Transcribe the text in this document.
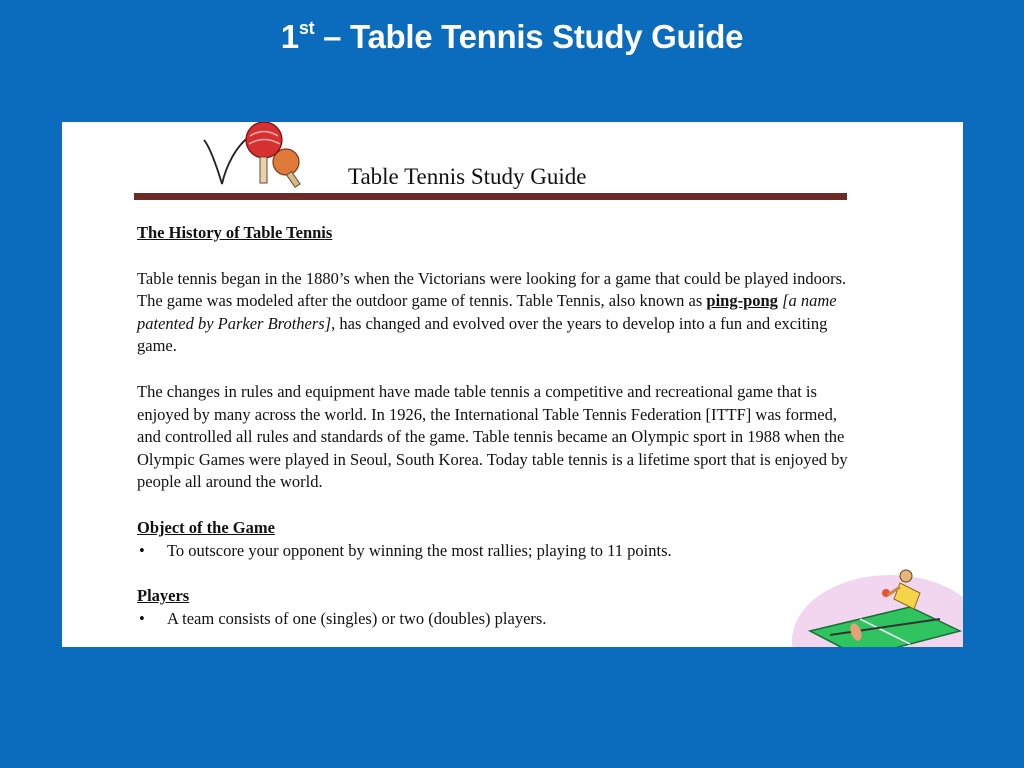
1st – Table Tennis Study Guide
Table Tennis Study Guide

The History of Table Tennis

Table tennis began in the 1880’s when the Victorians were looking for a game that could be played indoors. The game was modeled after the outdoor game of tennis. Table Tennis, also known as ping-pong [a name patented by Parker Brothers], has changed and evolved over the years to develop into a fun and exciting game.

The changes in rules and equipment have made table tennis a competitive and recreational game that is enjoyed by many across the world. In 1926, the International Table Tennis Federation [ITTF] was formed, and controlled all rules and standards of the game. Table tennis became an Olympic sport in 1988 when the Olympic Games were played in Seoul, South Korea. Today table tennis is a lifetime sport that is enjoyed by people all around the world.

Object of the Game

•	To outscore your opponent by winning the most rallies; playing to 11 points.

Players

•	A team consists of one (singles) or two (doubles) players.
